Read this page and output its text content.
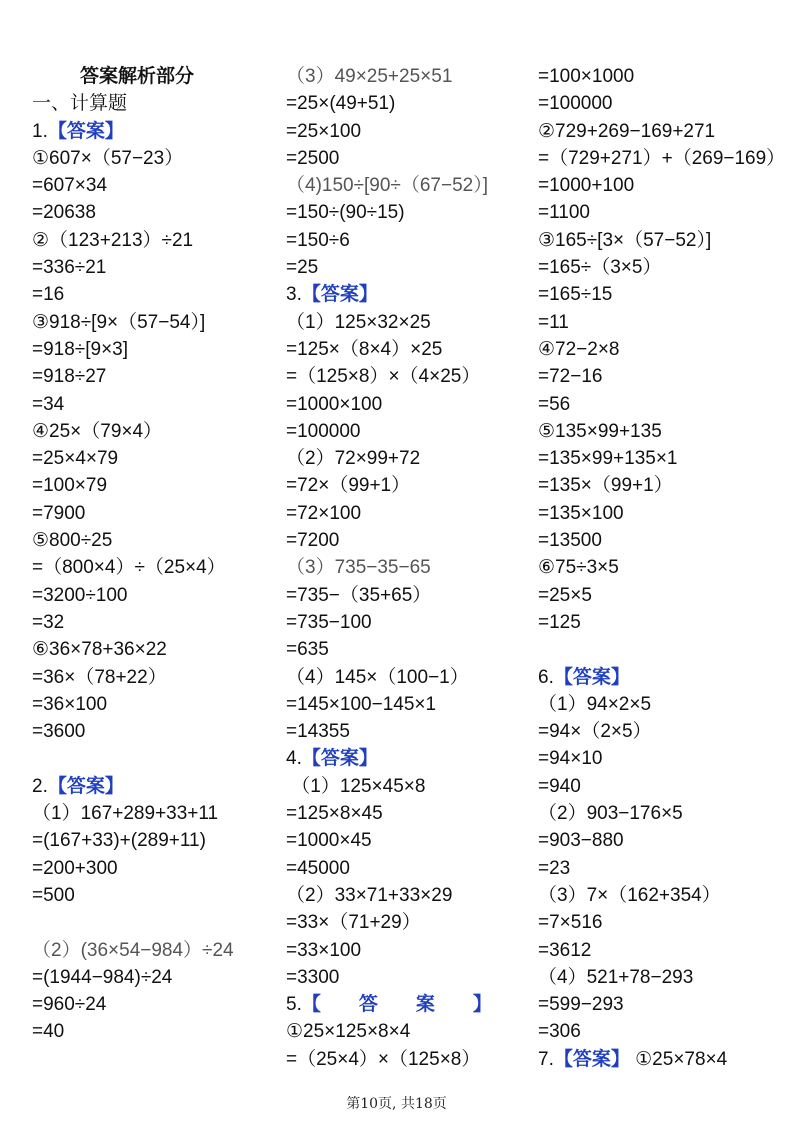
答案解析部分
一、计算题
1.【答案】
①607×（57−23）
=607×34
=20638
②（123+213）÷21
=336÷21
=16
③918÷[9×（57−54）]
=918÷[9×3]
=918÷27
=34
④25×（79×4）
=25×4×79
=100×79
=7900
⑤800÷25
=（800×4）÷（25×4）
=3200÷100
=32
⑥36×78+36×22
=36×（78+22）
=36×100
=3600
2.【答案】
（1）167+289+33+11
=(167+33)+(289+11)
=200+300
=500
（2）(36×54−984）÷24
=(1944−984)÷24
=960÷24
=40
（3）49×25+25×51
=25×(49+51)
=25×100
=2500
（4)150÷[90÷（67−52）]
=150÷(90÷15)
=150÷6
=25
3.【答案】
（1）125×32×25
=125×（8×4）×25
=（125×8）×（4×25）
=1000×100
=100000
（2）72×99+72
=72×（99+1）
=72×100
=7200
（3）735−35−65
=735−（35+65）
=735−100
=635
（4）145×（100−1）
=145×100−145×1
=14355
4.【答案】
（1）125×45×8
=125×8×45
=1000×45
=45000
（2）33×71+33×29
=33×（71+29）
=33×100
=3300
5.【　　答　　案　　】
①25×125×8×4
=（25×4）×（125×8）
=100×1000
=100000
②729+269−169+271
=（729+271）+（269−169）
=1000+100
=1100
③165÷[3×（57−52）]
=165÷（3×5）
=165÷15
=11
④72−2×8
=72−16
=56
⑤135×99+135
=135×99+135×1
=135×（99+1）
=135×100
=13500
⑥75÷3×5
=25×5
=125
6.【答案】
（1）94×2×5
=94×（2×5）
=94×10
=940
（2）903−176×5
=903−880
=23
（3）7×（162+354）
=7×516
=3612
（4）521+78−293
=599−293
=306
7.【答案】 ①25×78×4
第10页, 共18页
